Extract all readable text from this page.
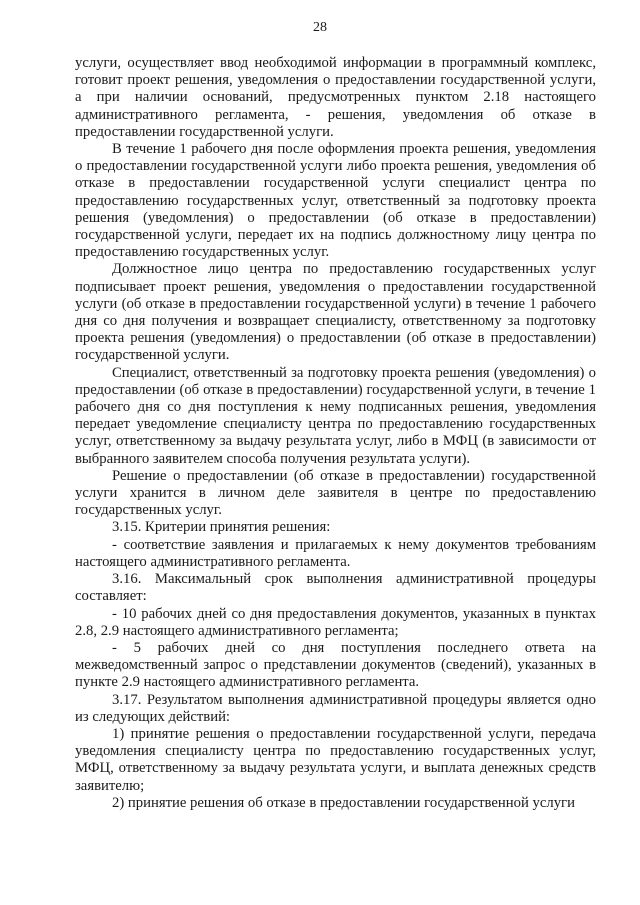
28

услуги, осуществляет ввод необходимой информации в программный комплекс, готовит проект решения, уведомления о предоставлении государственной услуги, а при наличии оснований, предусмотренных пунктом 2.18 настоящего административного регламента, - решения, уведомления об отказе в предоставлении государственной услуги.

В течение 1 рабочего дня после оформления проекта решения, уведомления о предоставлении государственной услуги либо проекта решения, уведомления об отказе в предоставлении государственной услуги специалист центра по предоставлению государственных услуг, ответственный за подготовку проекта решения (уведомления) о предоставлении (об отказе в предоставлении) государственной услуги, передает их на подпись должностному лицу центра по предоставлению государственных услуг.

Должностное лицо центра по предоставлению государственных услуг подписывает проект решения, уведомления о предоставлении государственной услуги (об отказе в предоставлении государственной услуги) в течение 1 рабочего дня со дня получения и возвращает специалисту, ответственному за подготовку проекта решения (уведомления) о предоставлении (об отказе в предоставлении) государственной услуги.

Специалист, ответственный за подготовку проекта решения (уведомления) о предоставлении (об отказе в предоставлении) государственной услуги, в течение 1 рабочего дня со дня поступления к нему подписанных решения, уведомления передает уведомление специалисту центра по предоставлению государственных услуг, ответственному за выдачу результата услуг, либо в МФЦ (в зависимости от выбранного заявителем способа получения результата услуги).

Решение о предоставлении (об отказе в предоставлении) государственной услуги хранится в личном деле заявителя в центре по предоставлению государственных услуг.

3.15. Критерии принятия решения:

- соответствие заявления и прилагаемых к нему документов требованиям настоящего административного регламента.

3.16. Максимальный срок выполнения административной процедуры составляет:

- 10 рабочих дней со дня предоставления документов, указанных в пунктах 2.8, 2.9 настоящего административного регламента;

- 5 рабочих дней со дня поступления последнего ответа на межведомственный запрос о представлении документов (сведений), указанных в пункте 2.9 настоящего административного регламента.

3.17. Результатом выполнения административной процедуры является одно из следующих действий:

1) принятие решения о предоставлении государственной услуги, передача уведомления специалисту центра по предоставлению государственных услуг, МФЦ, ответственному за выдачу результата услуги, и выплата денежных средств заявителю;

2) принятие решения об отказе в предоставлении государственной услуги
